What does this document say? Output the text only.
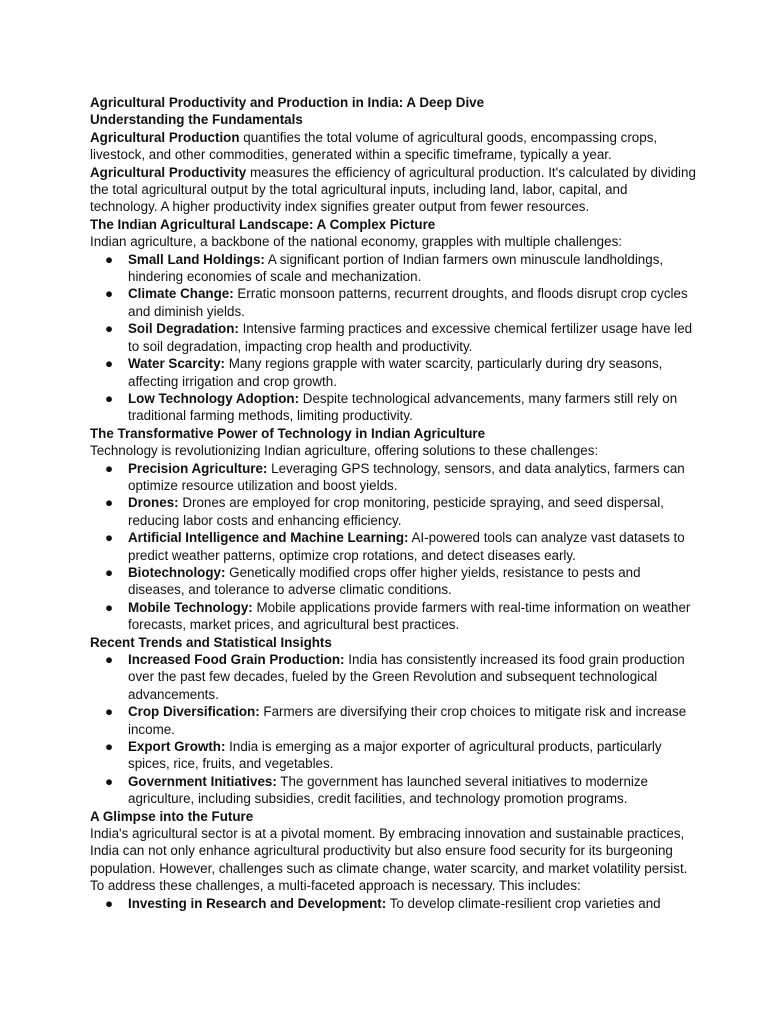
Agricultural Productivity and Production in India: A Deep Dive

Understanding the Fundamentals

Agricultural Production quantifies the total volume of agricultural goods, encompassing crops, livestock, and other commodities, generated within a specific timeframe, typically a year.

Agricultural Productivity measures the efficiency of agricultural production. It's calculated by dividing the total agricultural output by the total agricultural inputs, including land, labor, capital, and technology. A higher productivity index signifies greater output from fewer resources.

The Indian Agricultural Landscape: A Complex Picture

Indian agriculture, a backbone of the national economy, grapples with multiple challenges:

● Small Land Holdings: A significant portion of Indian farmers own minuscule landholdings, hindering economies of scale and mechanization.
● Climate Change: Erratic monsoon patterns, recurrent droughts, and floods disrupt crop cycles and diminish yields.
● Soil Degradation: Intensive farming practices and excessive chemical fertilizer usage have led to soil degradation, impacting crop health and productivity.
● Water Scarcity: Many regions grapple with water scarcity, particularly during dry seasons, affecting irrigation and crop growth.
● Low Technology Adoption: Despite technological advancements, many farmers still rely on traditional farming methods, limiting productivity.

The Transformative Power of Technology in Indian Agriculture

Technology is revolutionizing Indian agriculture, offering solutions to these challenges:

● Precision Agriculture: Leveraging GPS technology, sensors, and data analytics, farmers can optimize resource utilization and boost yields.
● Drones: Drones are employed for crop monitoring, pesticide spraying, and seed dispersal, reducing labor costs and enhancing efficiency.
● Artificial Intelligence and Machine Learning: AI-powered tools can analyze vast datasets to predict weather patterns, optimize crop rotations, and detect diseases early.
● Biotechnology: Genetically modified crops offer higher yields, resistance to pests and diseases, and tolerance to adverse climatic conditions.
● Mobile Technology: Mobile applications provide farmers with real-time information on weather forecasts, market prices, and agricultural best practices.

Recent Trends and Statistical Insights

● Increased Food Grain Production: India has consistently increased its food grain production over the past few decades, fueled by the Green Revolution and subsequent technological advancements.
● Crop Diversification: Farmers are diversifying their crop choices to mitigate risk and increase income.
● Export Growth: India is emerging as a major exporter of agricultural products, particularly spices, rice, fruits, and vegetables.
● Government Initiatives: The government has launched several initiatives to modernize agriculture, including subsidies, credit facilities, and technology promotion programs.

A Glimpse into the Future

India's agricultural sector is at a pivotal moment. By embracing innovation and sustainable practices, India can not only enhance agricultural productivity but also ensure food security for its burgeoning population. However, challenges such as climate change, water scarcity, and market volatility persist.

To address these challenges, a multi-faceted approach is necessary. This includes:

● Investing in Research and Development: To develop climate-resilient crop varieties and
